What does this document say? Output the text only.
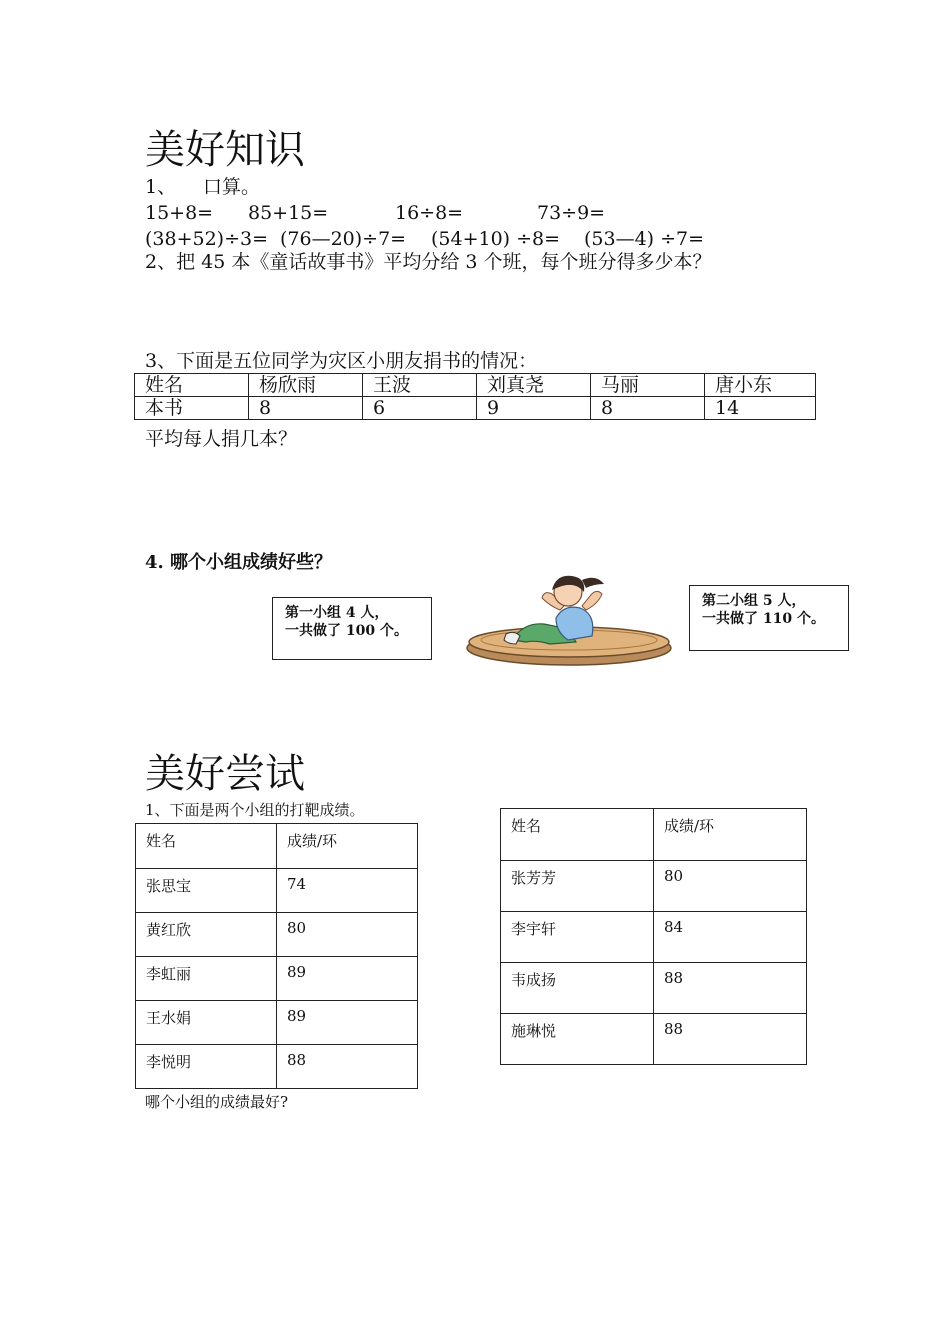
美好知识
1、 口算。
15+8= 85+15=	16÷8=	73÷9=
(38+52)÷3= (76—20)÷7= (54+10) ÷8= (53—4) ÷7=
2、把 45 本《童话故事书》平均分给 3 个班，每个班分得多少本？
3、下面是五位同学为灾区小朋友捐书的情况：
姓名	杨欣雨	王波	刘真尧	马丽	唐小东
本书	8	6	9	8	14
平均每人捐几本？
4. 哪个小组成绩好些？
第一小组 4 人，
一共做了 100 个。
第二小组 5 人，
一共做了 110 个。
美好尝试
1、下面是两个小组的打靶成绩。
姓名	成绩/环
张思宝	74
黄红欣	80
李虹丽	89
王水娟	89
李悦明	88
姓名	成绩/环
张芳芳	80
李宇轩	84
韦成扬	88
施琳悦	88
哪个小组的成绩最好?
